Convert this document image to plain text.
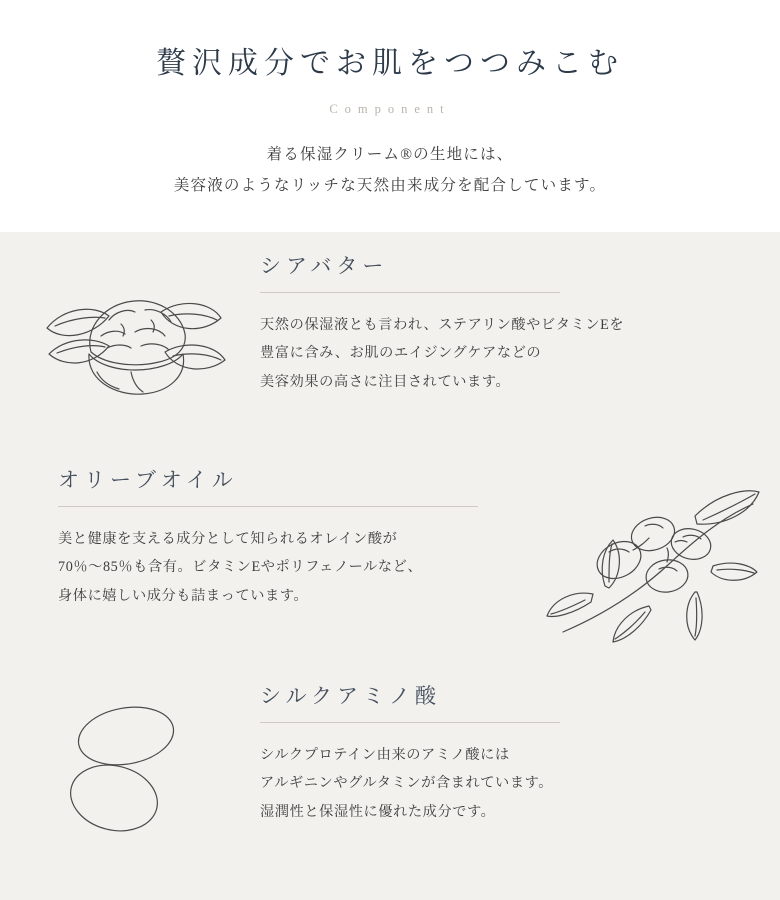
贅沢成分でお肌をつつみこむ

Component

着る保湿クリーム®の生地には、
美容液のようなリッチな天然由来成分を配合しています。

シアバター

天然の保湿液とも言われ、ステアリン酸やビタミンEを
豊富に含み、お肌のエイジングケアなどの
美容効果の高さに注目されています。

オリーブオイル

美と健康を支える成分として知られるオレイン酸が
70％〜85％も含有。ビタミンEやポリフェノールなど、
身体に嬉しい成分も詰まっています。

シルクアミノ酸

シルクプロテイン由来のアミノ酸には
アルギニンやグルタミンが含まれています。
湿潤性と保湿性に優れた成分です。
